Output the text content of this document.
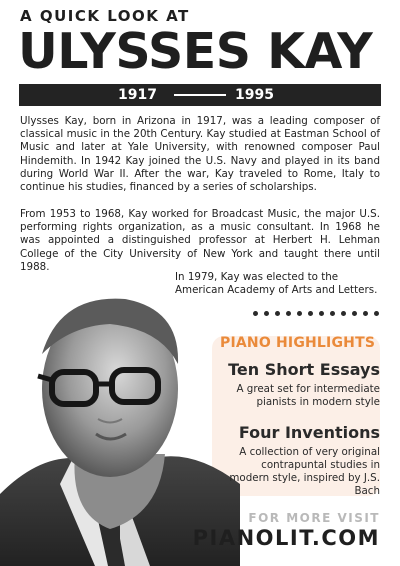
A QUICK LOOK AT
ULYSSES KAY
1917	1995

Ulysses Kay, born in Arizona in 1917, was a leading composer of classical music in the 20th Century. Kay studied at Eastman School of Music and later at Yale University, with renowned composer Paul Hindemith. In 1942 Kay joined the U.S. Navy and played in its band during World War II. After the war, Kay traveled to Rome, Italy to continue his studies, financed by a series of scholarships.

From 1953 to 1968, Kay worked for Broadcast Music, the major U.S. performing rights organization, as a music consultant. In 1968 he was appointed a distinguished professor at Herbert H. Lehman College of the City University of New York and taught there until 1988.

In 1979, Kay was elected to the American Academy of Arts and Letters.

PIANO HIGHLIGHTS
Ten Short Essays
A great set for intermediate pianists in modern style
Four Inventions
A collection of very original contrapuntal studies in modern style, inspired by J.S. Bach
FOR MORE VISIT
PIANOLIT.COM
